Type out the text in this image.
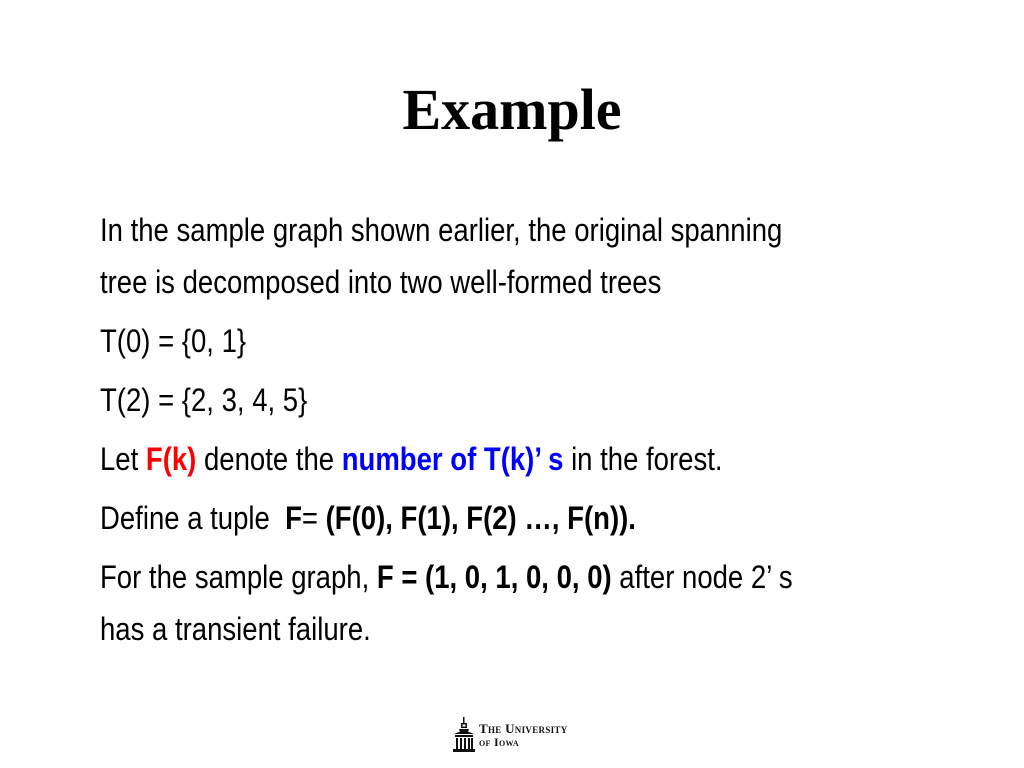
Example

In the sample graph shown earlier, the original spanning
tree is decomposed into two well-formed trees

T(0) = {0, 1}

T(2) = {2, 3, 4, 5}

Let F(k) denote the number of T(k)’ s in the forest.

Define a tuple  F= (F(0), F(1), F(2) …, F(n)).

For the sample graph, F = (1, 0, 1, 0, 0, 0) after node 2’ s
has a transient failure.

The University
of Iowa
